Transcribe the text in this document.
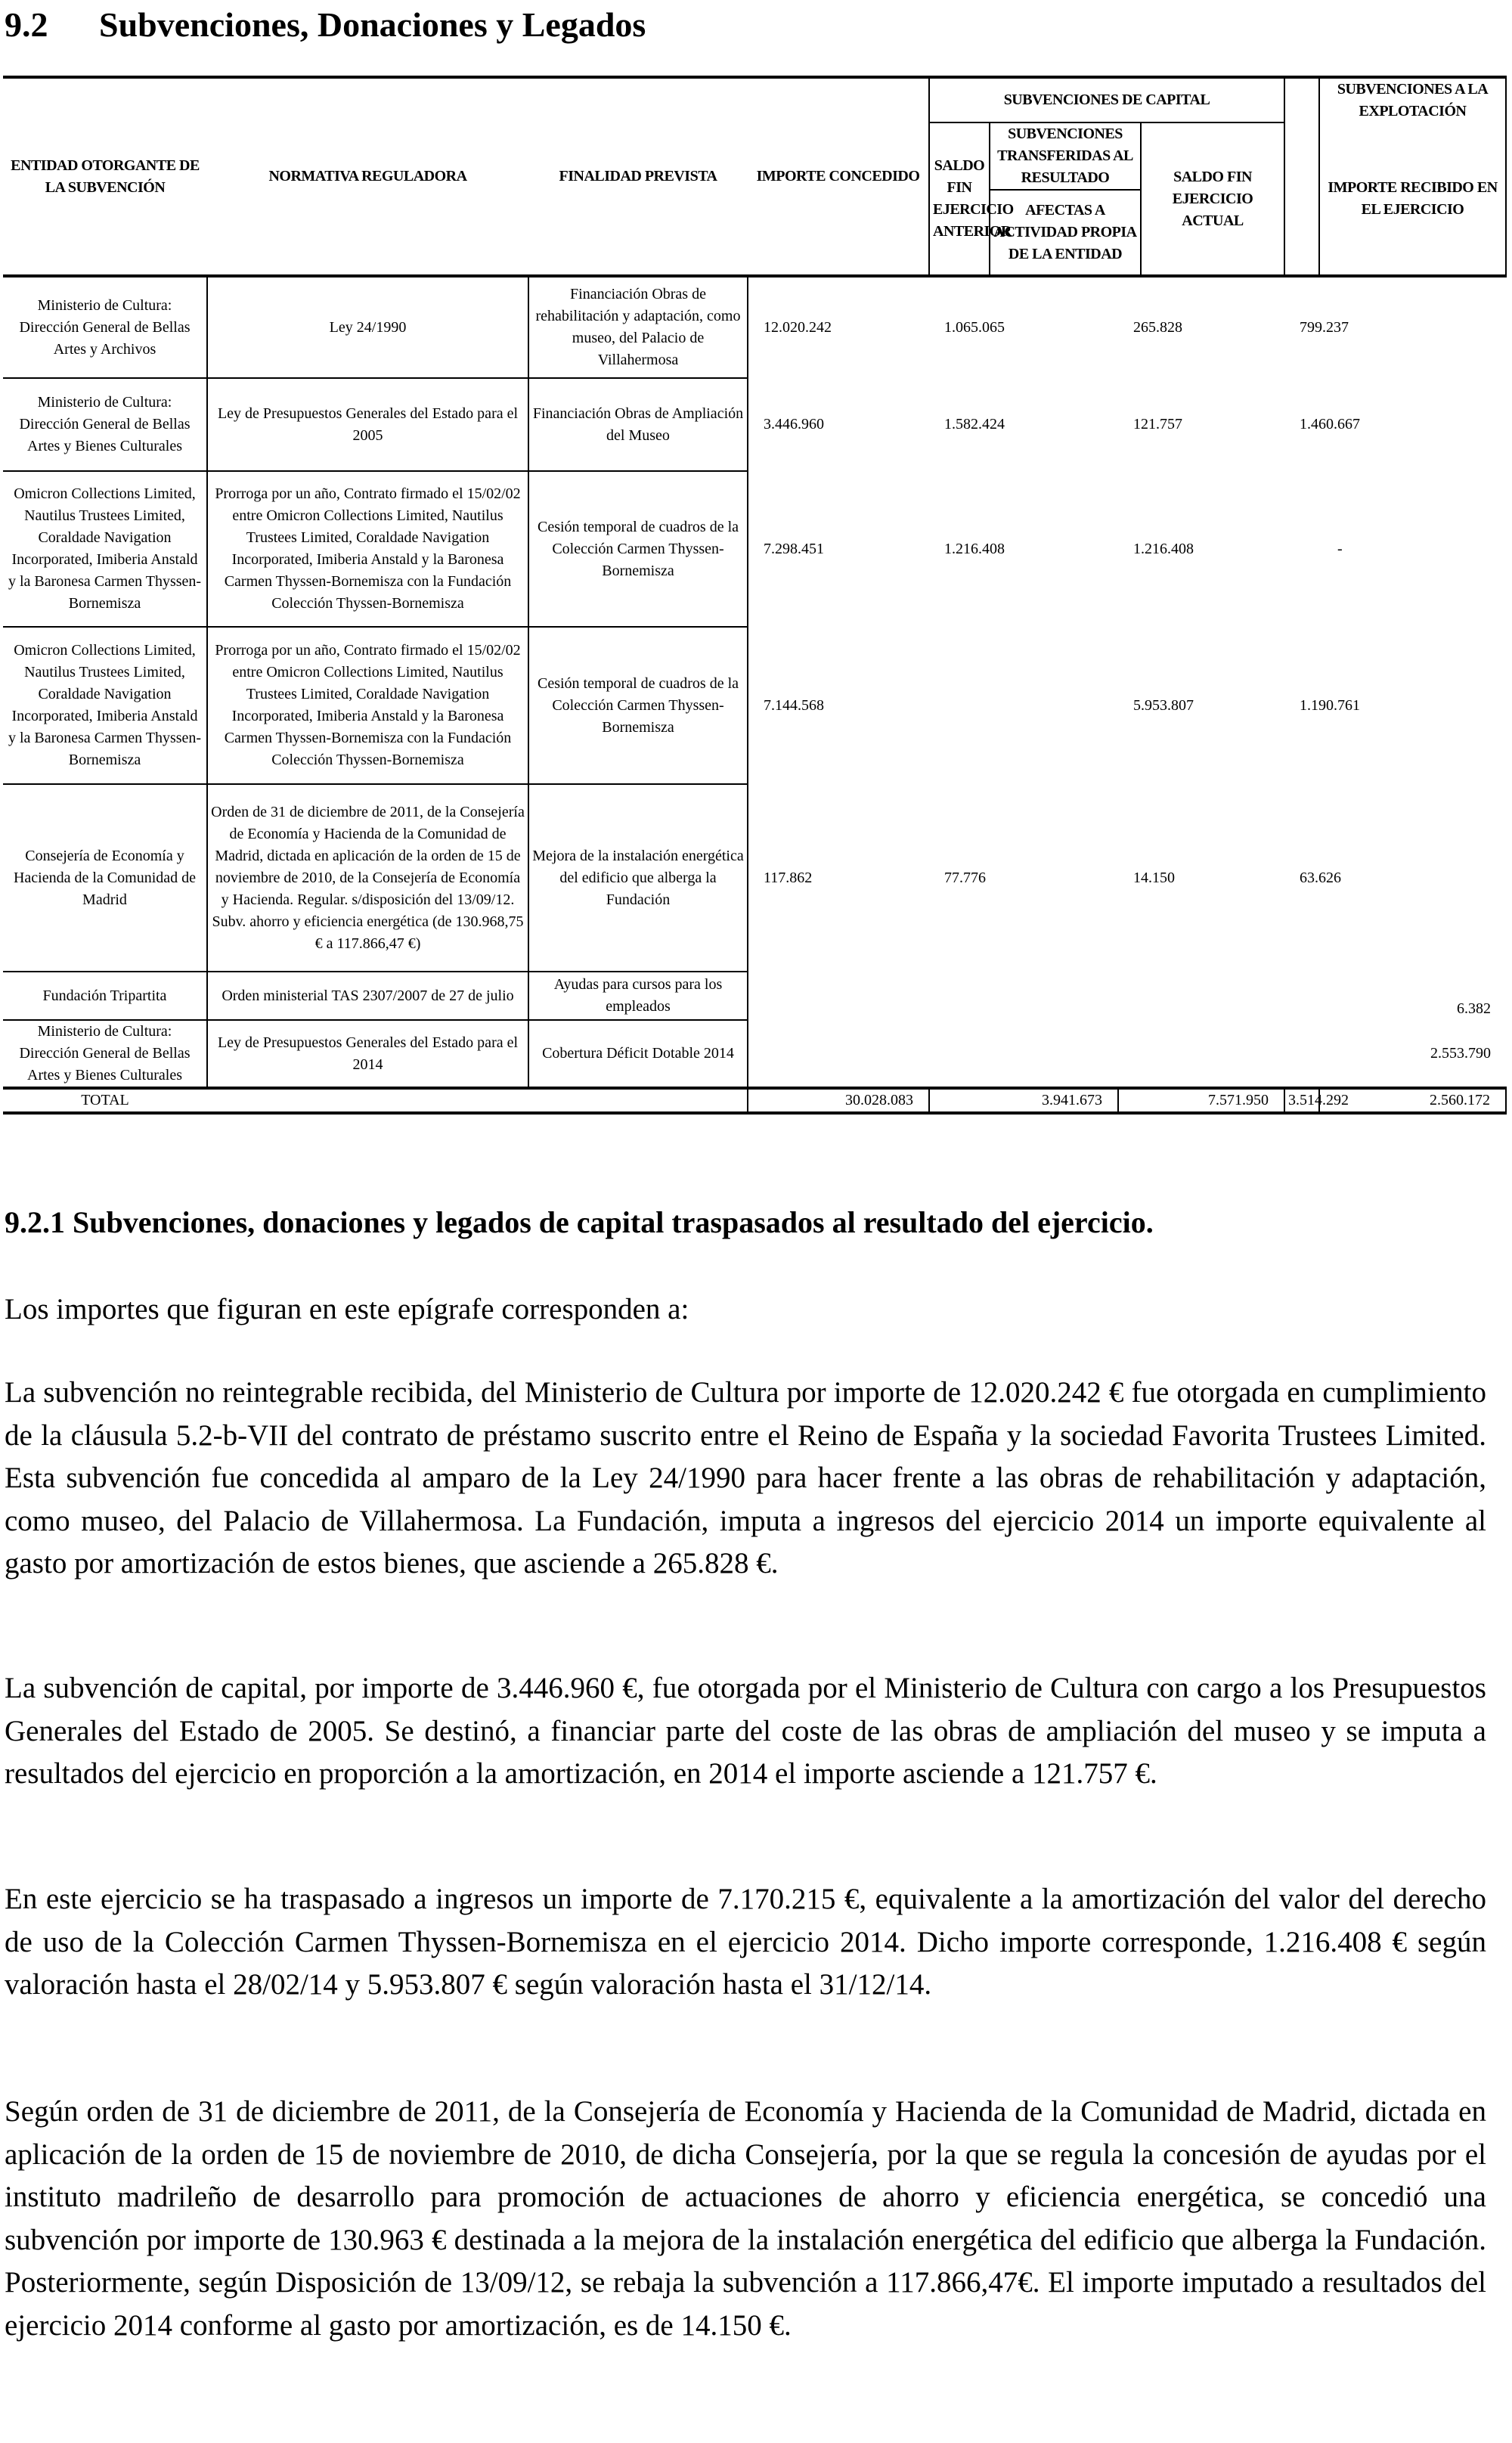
9.2 Subvenciones, Donaciones y Legados
ENTIDAD OTORGANTE DE LA SUBVENCIÓN	NORMATIVA REGULADORA	FINALIDAD PREVISTA	IMPORTE CONCEDIDO	SUBVENCIONES DE CAPITAL					SUBVENCIONES A LA EXPLOTACIÓN
				SALDO FIN EJERCICIO ANTERIOR	SUBVENCIONES TRANSFERIDAS AL RESULTADO		SALDO FIN EJERCICIO ACTUAL		IMPORTE RECIBIDO EN EL EJERCICIO
					AFECTAS A ACTIVIDAD PROPIA DE LA ENTIDAD				
Ministerio de Cultura: Dirección General de Bellas Artes y Archivos	Ley 24/1990	Financiación Obras de rehabilitación y adaptación, como museo, del Palacio de Villahermosa	12.020.242	1.065.065		265.828		799.237	
Ministerio de Cultura: Dirección General de Bellas Artes y Bienes Culturales	Ley de Presupuestos Generales del Estado para el 2005	Financiación Obras de Ampliación del Museo	3.446.960	1.582.424		121.757		1.460.667	
Omicron Collections Limited, Nautilus Trustees Limited, Coraldade Navigation Incorporated, Imiberia Anstald y la Baronesa Carmen Thyssen-Bornemisza	Prorroga por un año, Contrato firmado el 15/02/02 entre Omicron Collections Limited, Nautilus Trustees Limited, Coraldade Navigation Incorporated, Imiberia Anstald y la Baronesa Carmen Thyssen-Bornemisza con la Fundación Colección Thyssen-Bornemisza	Cesión temporal de cuadros de la Colección Carmen Thyssen-Bornemisza	7.298.451	1.216.408		1.216.408		-	
Omicron Collections Limited, Nautilus Trustees Limited, Coraldade Navigation Incorporated, Imiberia Anstald y la Baronesa Carmen Thyssen-Bornemisza	Prorroga por un año, Contrato firmado el 15/02/02 entre Omicron Collections Limited, Nautilus Trustees Limited, Coraldade Navigation Incorporated, Imiberia Anstald y la Baronesa Carmen Thyssen-Bornemisza con la Fundación Colección Thyssen-Bornemisza	Cesión temporal de cuadros de la Colección Carmen Thyssen-Bornemisza	7.144.568			5.953.807		1.190.761	
Consejería de Economía y Hacienda de la Comunidad de Madrid	Orden de 31 de diciembre de 2011, de la Consejería de Economía y Hacienda de la Comunidad de Madrid, dictada en aplicación de la orden de 15 de noviembre de 2010, de la Consejería de Economía y Hacienda. Regular. s/disposición del 13/09/12. Subv. ahorro y eficiencia energética (de 130.968,75 € a 117.866,47 €)	Mejora de la instalación energética del edificio que alberga la Fundación	117.862	77.776		14.150		63.626	
Fundación Tripartita	Orden ministerial TAS 2307/2007 de 27 de julio	Ayudas para cursos para los empleados						6.382	
Ministerio de Cultura: Dirección General de Bellas Artes y Bienes Culturales	Ley de Presupuestos Generales del Estado para el 2014	Cobertura Déficit Dotable 2014						2.553.790	
TOTAL			30.028.083	3.941.673		7.571.950		3.514.292	2.560.172
9.2.1 Subvenciones, donaciones y legados de capital traspasados al resultado del ejercicio.

Los importes que figuran en este epígrafe corresponden a:

La subvención no reintegrable recibida, del Ministerio de Cultura por importe de 12.020.242 € fue otorgada en cumplimiento de la cláusula 5.2-b-VII del contrato de préstamo suscrito entre el Reino de España y la sociedad Favorita Trustees Limited. Esta subvención fue concedida al amparo de la Ley 24/1990 para hacer frente a las obras de rehabilitación y adaptación, como museo, del Palacio de Villahermosa. La Fundación, imputa a ingresos del ejercicio 2014 un importe equivalente al gasto por amortización de estos bienes, que asciende a 265.828 €.

La subvención de capital, por importe de 3.446.960 €, fue otorgada por el Ministerio de Cultura con cargo a los Presupuestos Generales del Estado de 2005. Se destinó, a financiar parte del coste de las obras de ampliación del museo y se imputa a resultados del ejercicio en proporción a la amortización, en 2014 el importe asciende a 121.757 €.

En este ejercicio se ha traspasado a ingresos un importe de 7.170.215 €, equivalente a la amortización del valor del derecho de uso de la Colección Carmen Thyssen-Bornemisza en el ejercicio 2014. Dicho importe corresponde, 1.216.408 € según valoración hasta el 28/02/14 y 5.953.807 € según valoración hasta el 31/12/14.

Según orden de 31 de diciembre de 2011, de la Consejería de Economía y Hacienda de la Comunidad de Madrid, dictada en aplicación de la orden de 15 de noviembre de 2010, de dicha Consejería, por la que se regula la concesión de ayudas por el instituto madrileño de desarrollo para promoción de actuaciones de ahorro y eficiencia energética, se concedió una subvención por importe de 130.963 € destinada a la mejora de la instalación energética del edificio que alberga la Fundación. Posteriormente, según Disposición de 13/09/12, se rebaja la subvención a 117.866,47€. El importe imputado a resultados del ejercicio 2014 conforme al gasto por amortización, es de 14.150 €.
